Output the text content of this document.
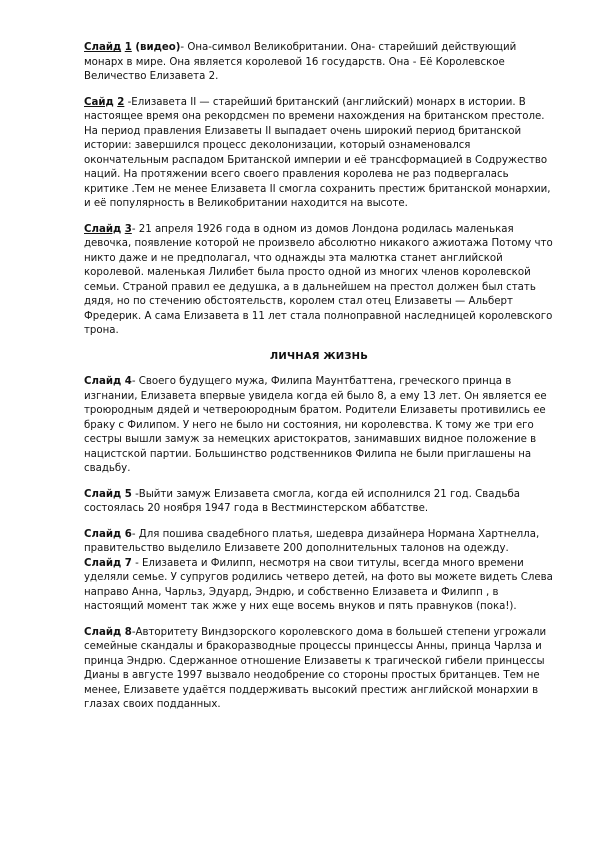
Слайд 1 (видео)- Она-символ Великобритании. Она- старейший действующий монарх в мире. Она является королевой 16 государств. Она - Её Королевское Величество Елизавета 2.

Сайд 2 -Елизавета II — старейший британский (английский) монарх в истории. В настоящее время она рекордсмен по времени нахождения на британском престоле. На период правления Елизаветы II выпадает очень широкий период британской истории: завершился процесс деколонизации, который ознаменовался окончательным распадом Британской империи и её трансформацией в Содружество наций. На протяжении всего своего правления королева не раз подвергалась критике .Тем не менее Елизавета II смогла сохранить престиж британской монархии, и её популярность в Великобритании находится на высоте.

Слайд 3- 21 апреля 1926 года в одном из домов Лондона родилась маленькая девочка, появление которой не произвело абсолютно никакого ажиотажа Потому что никто даже и не предполагал, что однажды эта малютка станет английской королевой. маленькая Лилибет была просто одной из многих членов королевской семьи. Страной правил ее дедушка, а в дальнейшем на престол должен был стать дядя, но по стечению обстоятельств, королем стал отец Елизаветы — Альберт Фредерик. А сама Елизавета в 11 лет стала полноправной наследницей королевского трона.

ЛИЧНАЯ ЖИЗНЬ

Слайд 4- Своего будущего мужа, Филипа Маунтбаттена, греческого принца в изгнании, Елизавета впервые увидела когда ей было 8, а ему 13 лет. Он является ее троюродным дядей и четвероюродным братом. Родители Елизаветы противились ее браку с Филипом. У него не было ни состояния, ни королевства. К тому же три его сестры вышли замуж за немецких аристократов, занимавших видное положение в нацистской партии. Большинство родственников Филипа не были приглашены на свадьбу.

Слайд 5 -Выйти замуж Елизавета смогла, когда ей исполнился 21 год. Свадьба состоялась 20 ноября 1947 года в Вестминстерском аббатстве.

Слайд 6- Для пошива свадебного платья, шедевра дизайнера Нормана Хартнелла, правительство выделило Елизавете 200 дополнительных талонов на одежду.

Слайд 7 - Елизавета и Филипп, несмотря на свои титулы, всегда много времени уделяли семье. У супругов родились четверо детей, на фото вы можете видеть Слева направо Анна, Чарльз, Эдуард, Эндрю, и собственно Елизавета и Филипп , в настоящий момент так жже у них еще восемь внуков и пять правнуков (пока!).

Слайд 8-Авторитету Виндзорского королевского дома в большей степени угрожали семейные скандалы и бракоразводные процессы принцессы Анны, принца Чарлза и принца Эндрю. Сдержанное отношение Елизаветы к трагической гибели принцессы Дианы в августе 1997 вызвало неодобрение со стороны простых британцев. Тем не менее, Елизавете удаётся поддерживать высокий престиж английской монархии в глазах своих подданных.
